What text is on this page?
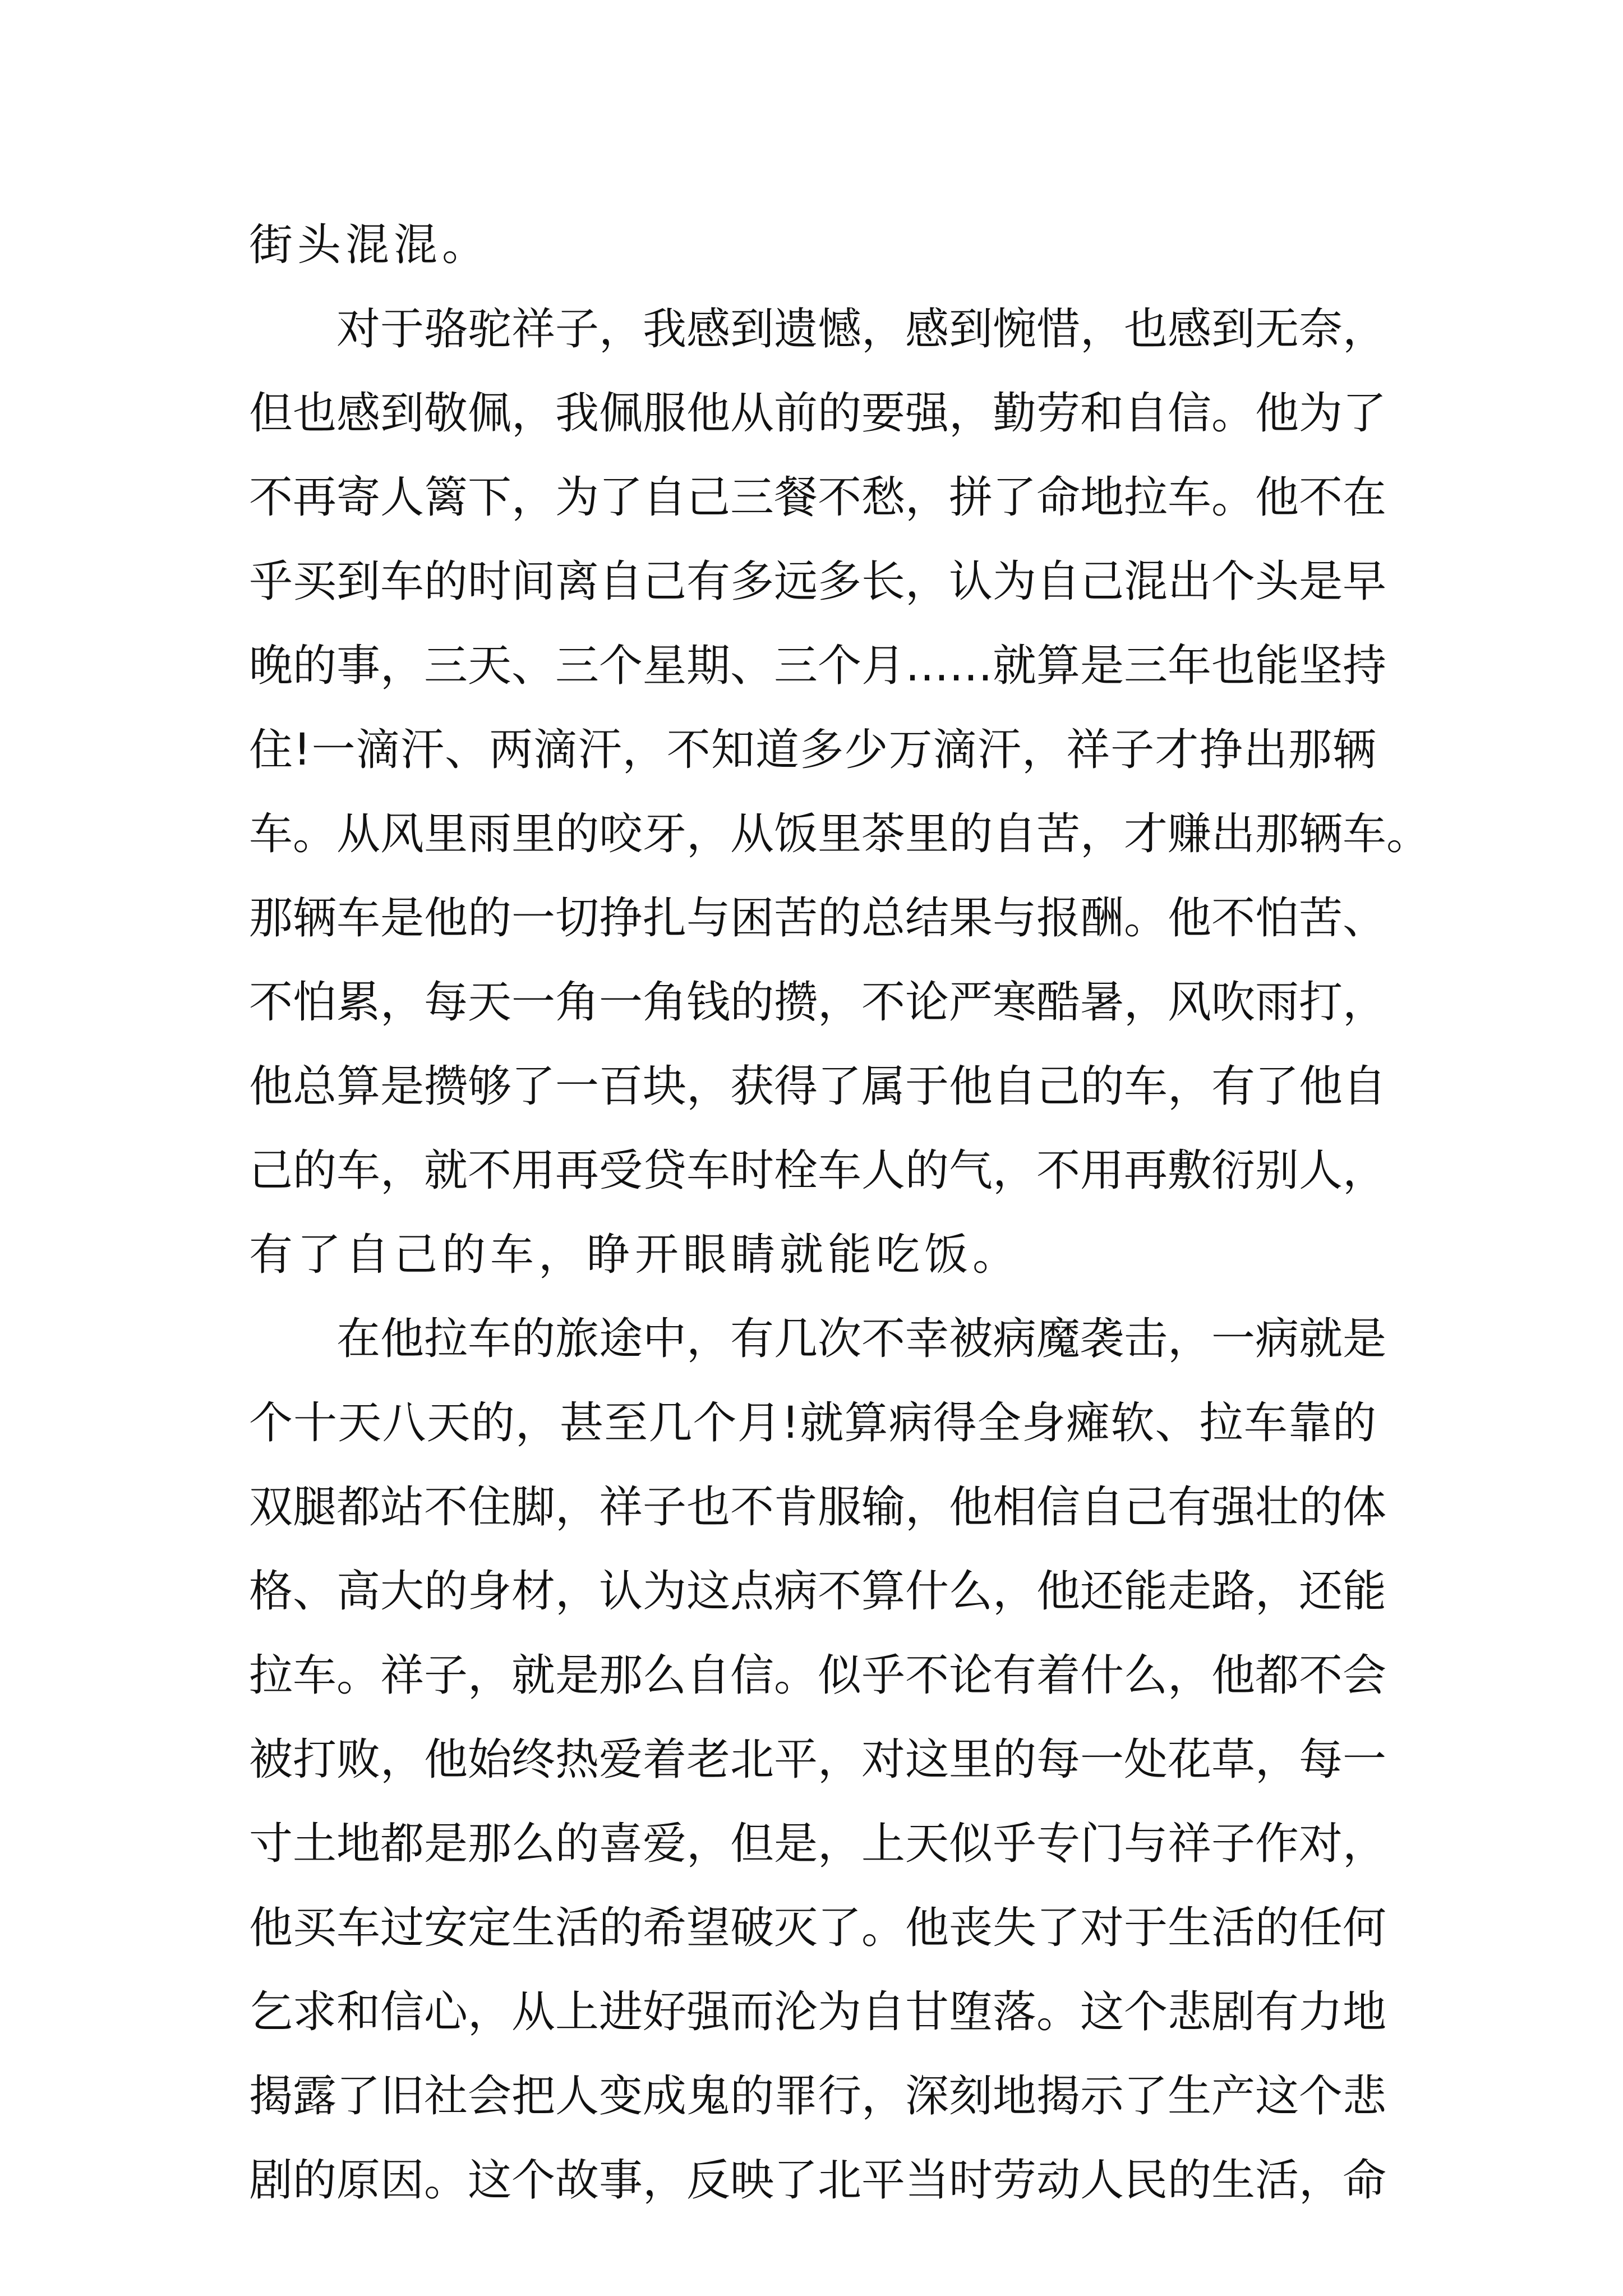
街头混混。
对于骆驼祥子，我感到遗憾，感到惋惜，也感到无奈，
但也感到敬佩，我佩服他从前的要强，勤劳和自信。他为了
不再寄人篱下，为了自己三餐不愁，拼了命地拉车。他不在
乎买到车的时间离自己有多远多长，认为自己混出个头是早
晚的事，三天、三个星期、三个月……就算是三年也能坚持
住!一滴汗、两滴汗，不知道多少万滴汗，祥子才挣出那辆
车。从风里雨里的咬牙，从饭里茶里的自苦，才赚出那辆车。
那辆车是他的一切挣扎与困苦的总结果与报酬。他不怕苦、
不怕累，每天一角一角钱的攒，不论严寒酷暑，风吹雨打，
他总算是攒够了一百块，获得了属于他自己的车，有了他自
己的车，就不用再受贷车时栓车人的气，不用再敷衍别人，
有了自己的车，睁开眼睛就能吃饭。
在他拉车的旅途中，有几次不幸被病魔袭击，一病就是
个十天八天的，甚至几个月!就算病得全身瘫软、拉车靠的
双腿都站不住脚，祥子也不肯服输，他相信自己有强壮的体
格、高大的身材，认为这点病不算什么，他还能走路，还能
拉车。祥子，就是那么自信。似乎不论有着什么，他都不会
被打败，他始终热爱着老北平，对这里的每一处花草，每一
寸土地都是那么的喜爱，但是，上天似乎专门与祥子作对，
他买车过安定生活的希望破灭了。他丧失了对于生活的任何
乞求和信心，从上进好强而沦为自甘堕落。这个悲剧有力地
揭露了旧社会把人变成鬼的罪行，深刻地揭示了生产这个悲
剧的原因。这个故事，反映了北平当时劳动人民的生活，命
